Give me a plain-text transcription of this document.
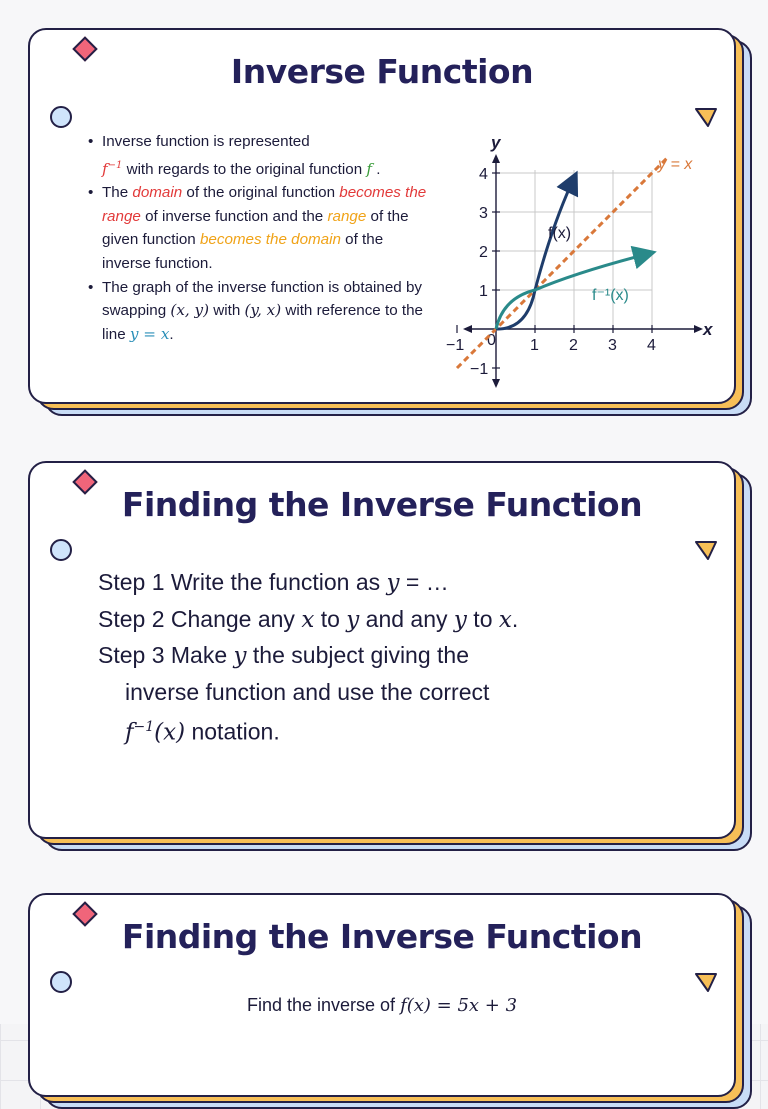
Inverse Function
• Inverse function is represented
$f^{-1}$ with regards to the original function f .
• The domain of the original function becomes the range of inverse function and the range of the given function becomes the domain of the inverse function.
• The graph of the inverse function is obtained by swapping (x, y) with (y, x) with reference to the line y = x.
−1	1 2 3 4
4
3
2
1
−1
0
y
x
y = x
f(x)
f⁻¹(x)
Finding the Inverse Function
Step 1 Write the function as y = …
Step 2 Change any x to y and any y to x.
Step 3 Make y the subject giving the
inverse function and use the correct
$f^{-1}(x)$ notation.
Finding the Inverse Function
Find the inverse of f(x) = 5x + 3
